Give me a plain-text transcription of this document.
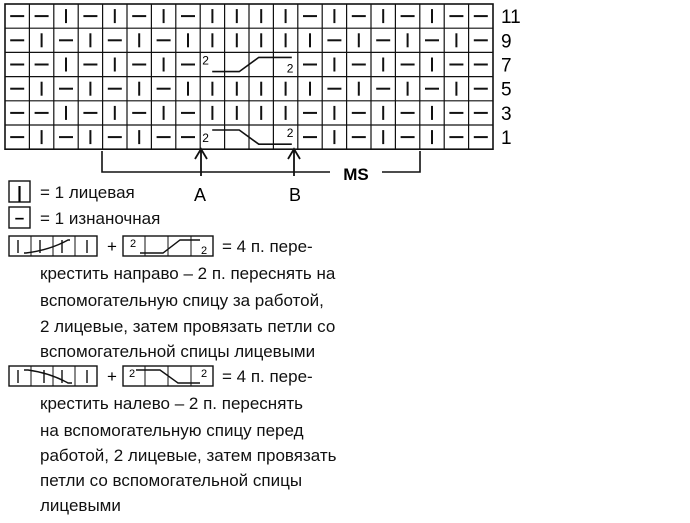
2
2
2	2
11
9
7
5
3
1
MS
A	B
|
–
+ 2
2
+ 2	2
= 1 лицевая
= 1 изнаночная
= 4 п. пере-
крестить направо – 2 п. переснять на
вспомогательную спицу за работой,
2 лицевые, затем провязать петли со
вспомогательной спицы лицевыми
= 4 п. пере-
крестить налево – 2 п. переснять
на вспомогательную спицу перед
работой, 2 лицевые, затем провязать
петли со вспомогательной спицы
лицевыми
